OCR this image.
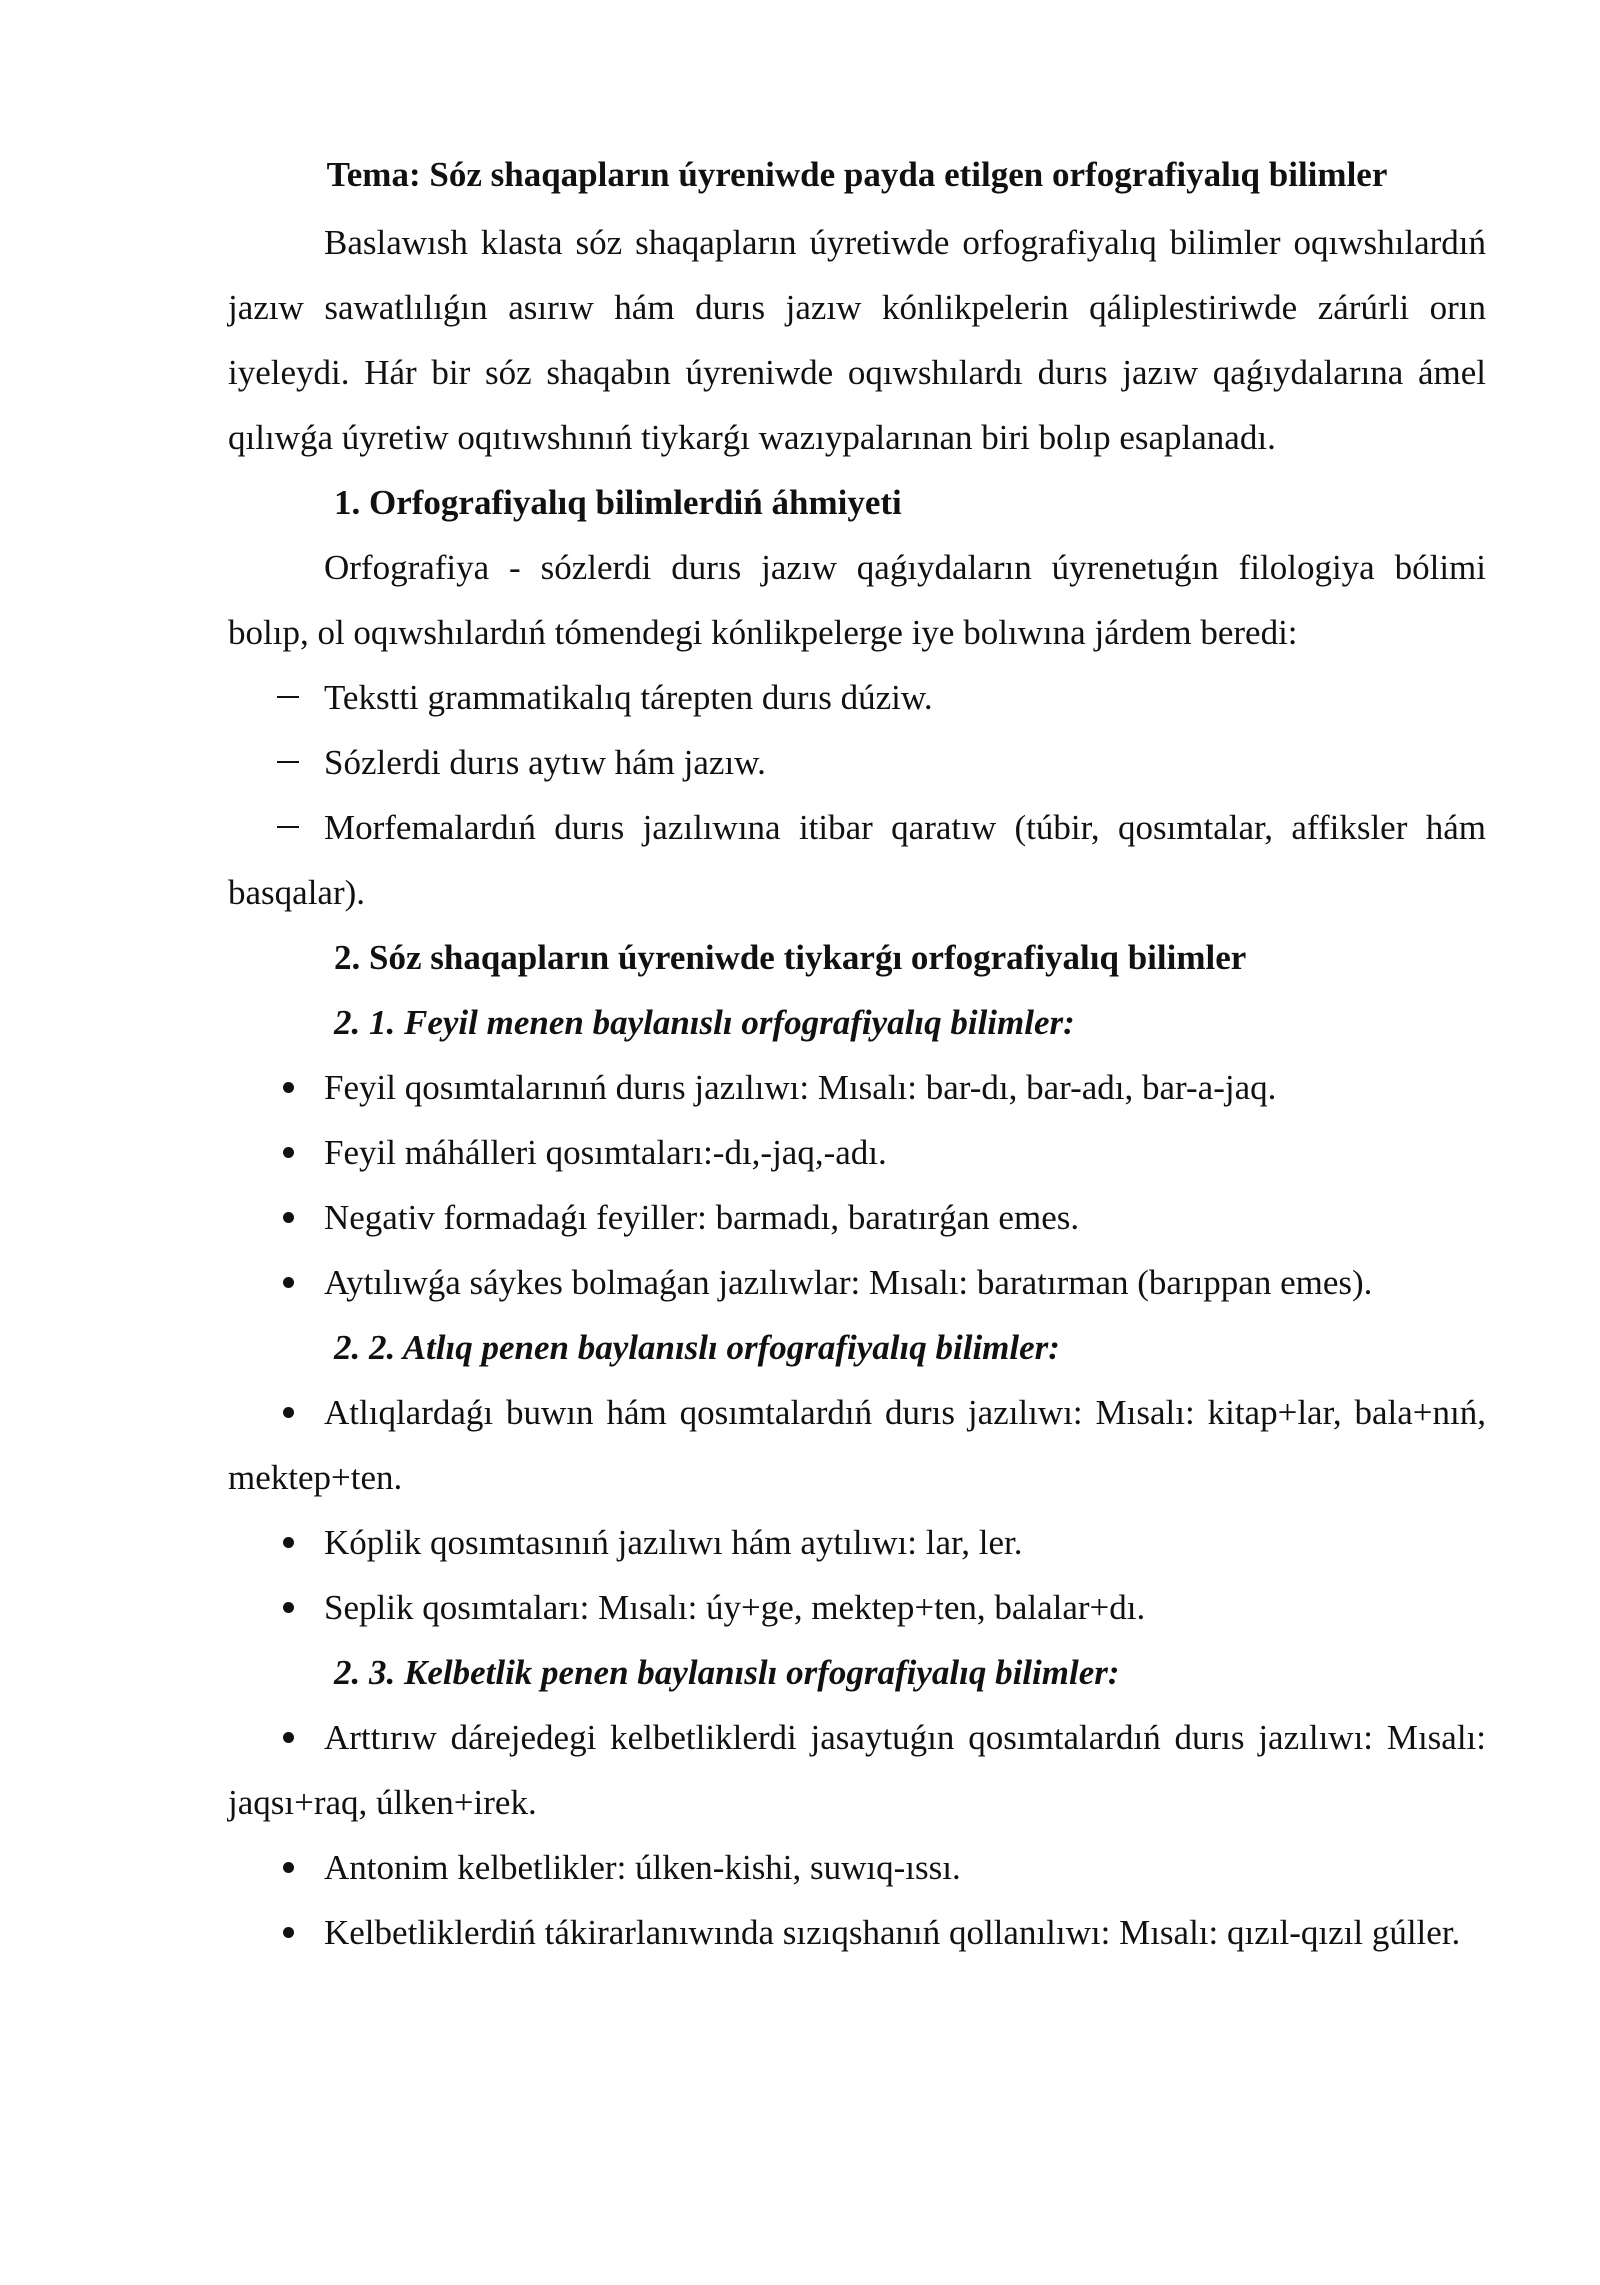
Tema: Sóz shaqapların úyreniwde payda etilgen orfografiyalıq bilimler

Baslawısh klasta sóz shaqapların úyretiwde orfografiyalıq bilimler oqıwshılardıń jazıw sawatlılıǵın asırıw hám durıs jazıw kónlikpelerin qáliplestiriwde zárúrli orın iyeleydi. Hár bir sóz shaqabın úyreniwde oqıwshılardı durıs jazıw qaǵıydalarına ámel qılıwǵa úyretiw oqıtıwshınıń tiykarǵı wazıypalarınan biri bolıp esaplanadı.

1. Orfografiyalıq bilimlerdiń áhmiyeti

Orfografiya - sózlerdi durıs jazıw qaǵıydaların úyrenetuǵın filologiya bólimi bolıp, ol oqıwshılardıń tómendegi kónlikpelerge iye bolıwına járdem beredi:

Tekstti grammatikalıq tárepten durıs dúziw.
Sózlerdi durıs aytıw hám jazıw.
Morfemalardıń durıs jazılıwına itibar qaratıw (túbir, qosımtalar, affiksler hám basqalar).

2. Sóz shaqapların úyreniwde tiykarǵı orfografiyalıq bilimler

2. 1. Feyil menen baylanıslı orfografiyalıq bilimler:

Feyil qosımtalarınıń durıs jazılıwı: Mısalı: bar-dı, bar-adı, bar-a-jaq.
Feyil máhálleri qosımtaları:-dı,-jaq,-adı.
Negativ formadaǵı feyiller: barmadı, baratırǵan emes.
Aytılıwǵa sáykes bolmaǵan jazılıwlar: Mısalı: baratırman (barıppan emes).

2. 2. Atlıq penen baylanıslı orfografiyalıq bilimler:

Atlıqlardaǵı buwın hám qosımtalardıń durıs jazılıwı: Mısalı: kitap+lar, bala+nıń, mektep+ten.
Kóplik qosımtasınıń jazılıwı hám aytılıwı: lar, ler.
Seplik qosımtaları: Mısalı: úy+ge, mektep+ten, balalar+dı.

2. 3. Kelbetlik penen baylanıslı orfografiyalıq bilimler:

Arttırıw dárejedegi kelbetliklerdi jasaytuǵın qosımtalardıń durıs jazılıwı: Mısalı: jaqsı+raq, úlken+irek.
Antonim kelbetlikler: úlken-kishi, suwıq-ıssı.
Kelbetliklerdiń tákirarlanıwında sızıqshanıń qollanılıwı: Mısalı: qızıl-qızıl gúller.
